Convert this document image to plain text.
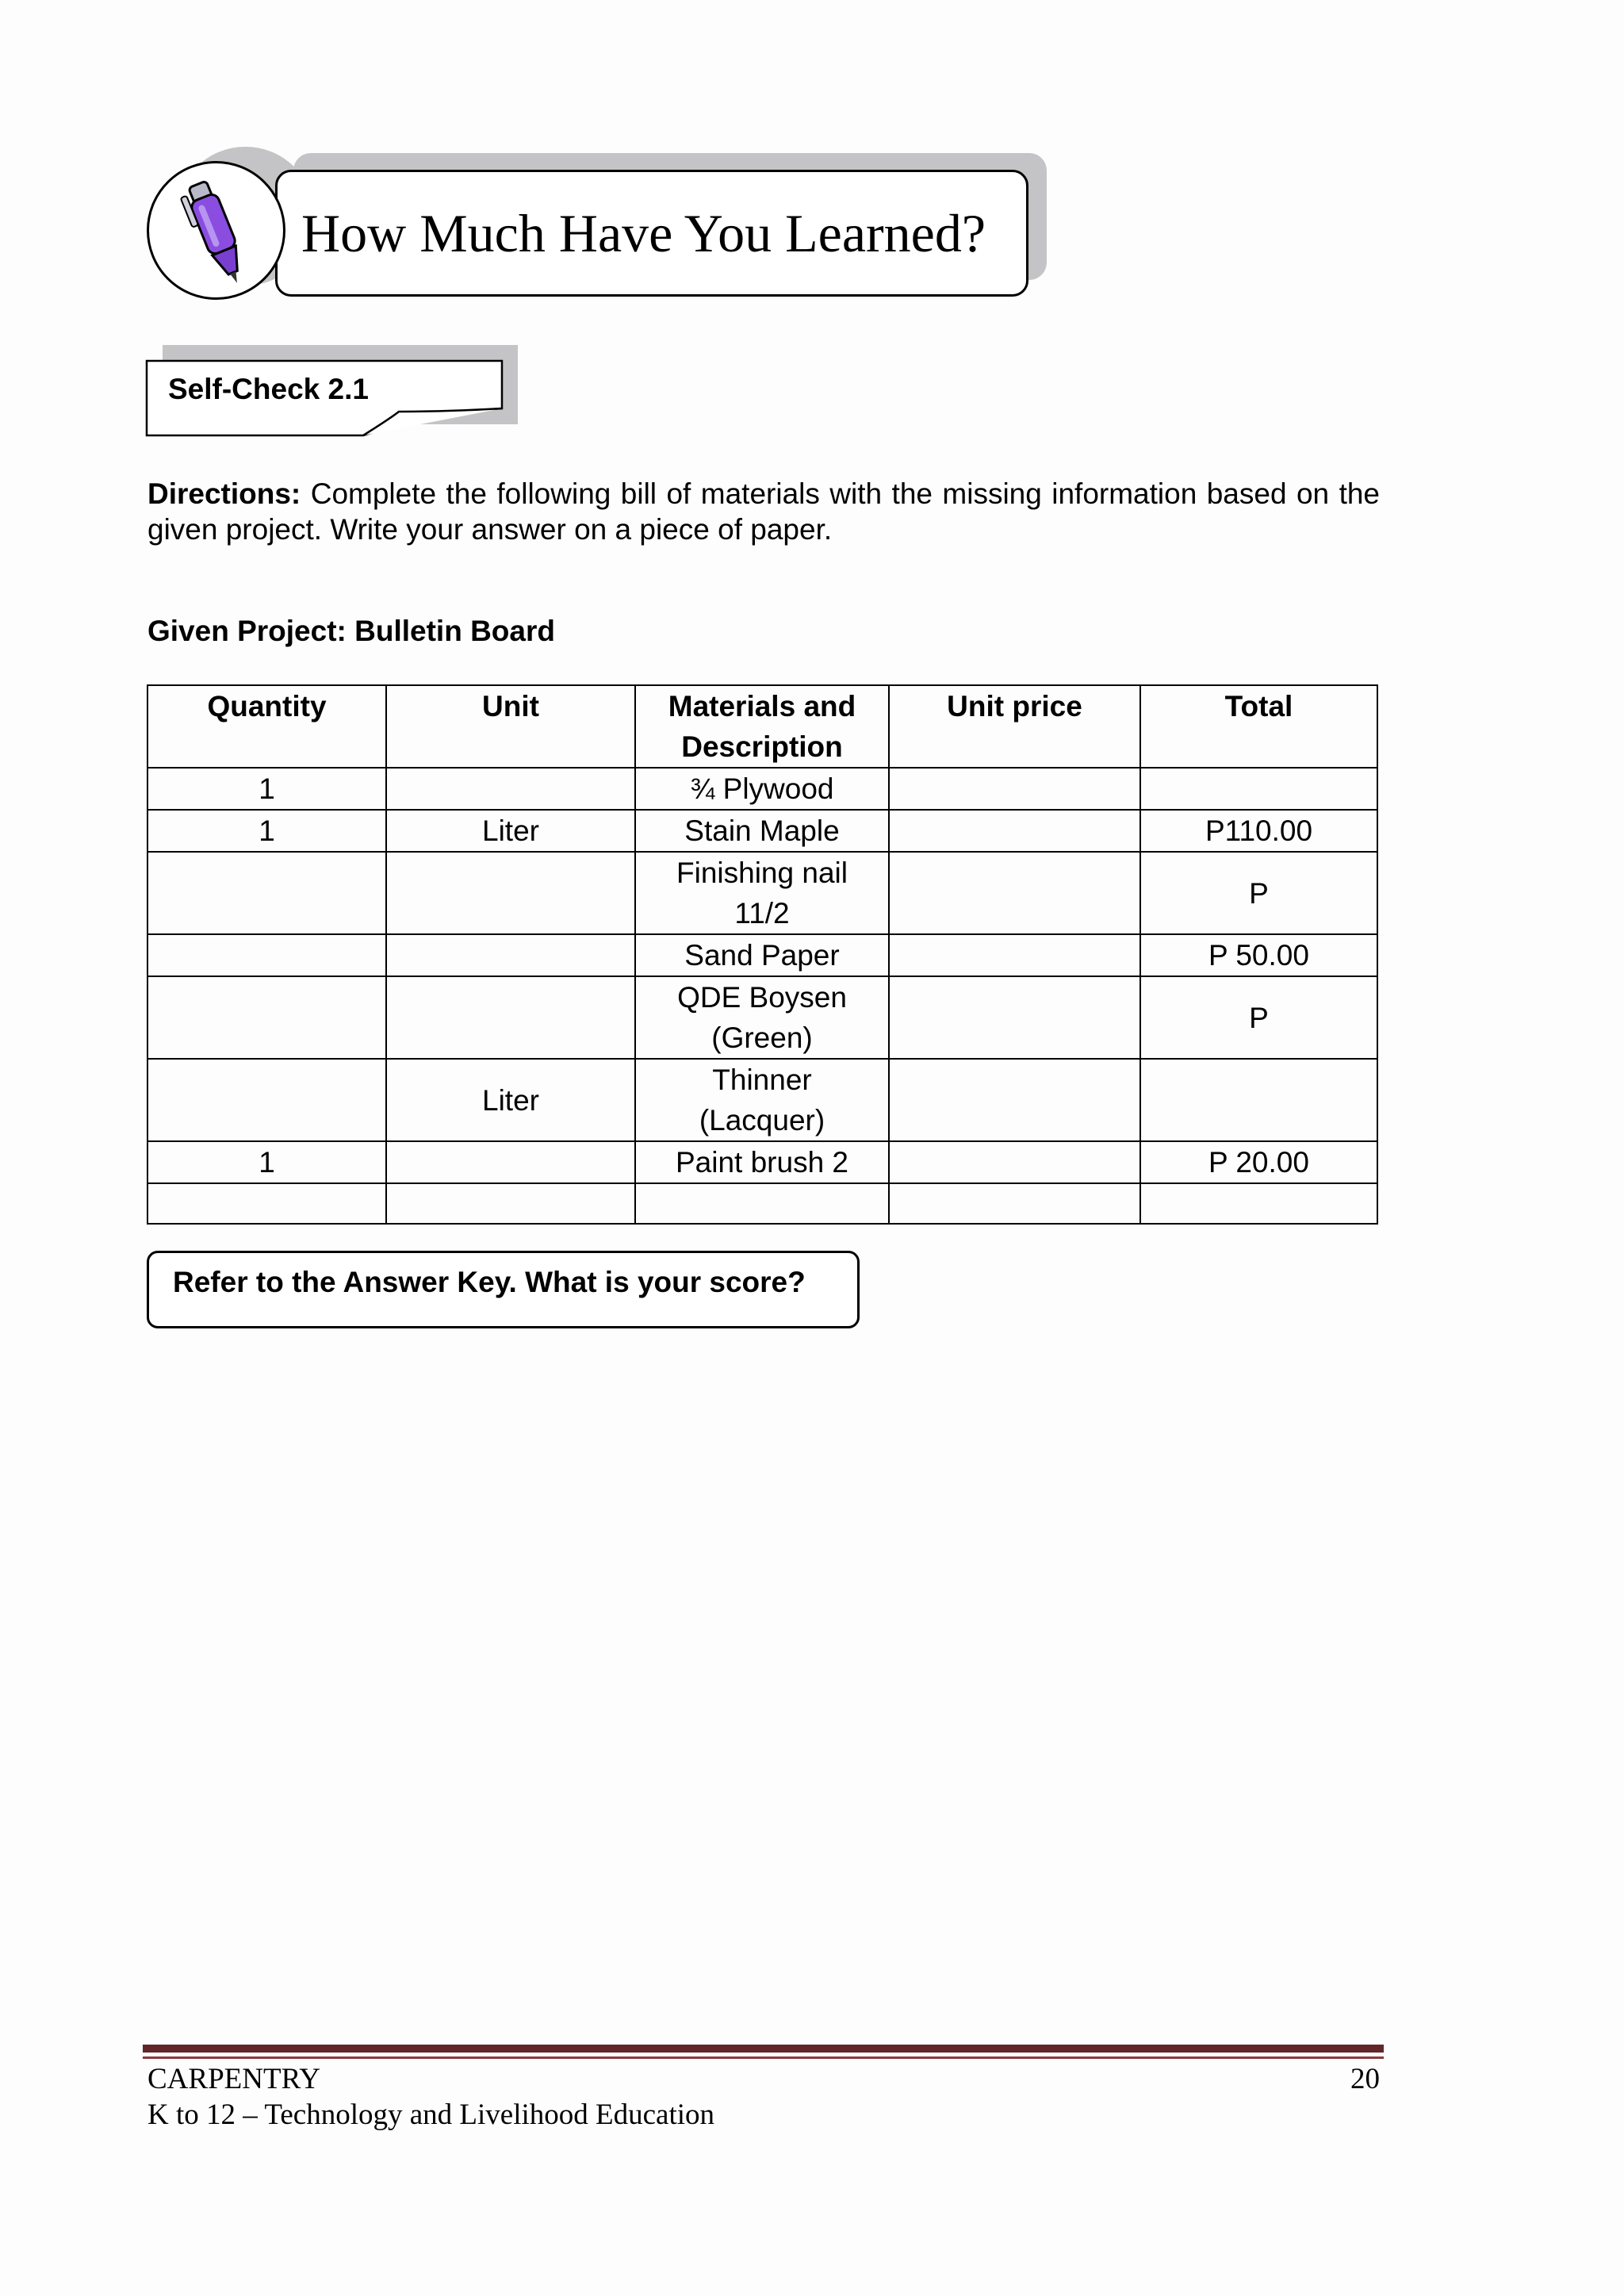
How Much Have You Learned?
Self-Check 2.1

Directions: Complete the following bill of materials with the missing information based on the given project. Write your answer on a piece of paper.

Given Project: Bulletin Board
Quantity	Unit	Materials and Description	Unit price	Total
1		¾ Plywood		
1	Liter	Stain Maple		P110.00
		Finishing nail 11/2		P
		Sand Paper		P 50.00
		QDE Boysen (Green)		P
	Liter	Thinner (Lacquer)		
1		Paint brush 2		P 20.00

Refer to the Answer Key. What is your score?
CARPENTRY
K to 12 – Technology and Livelihood Education
20
